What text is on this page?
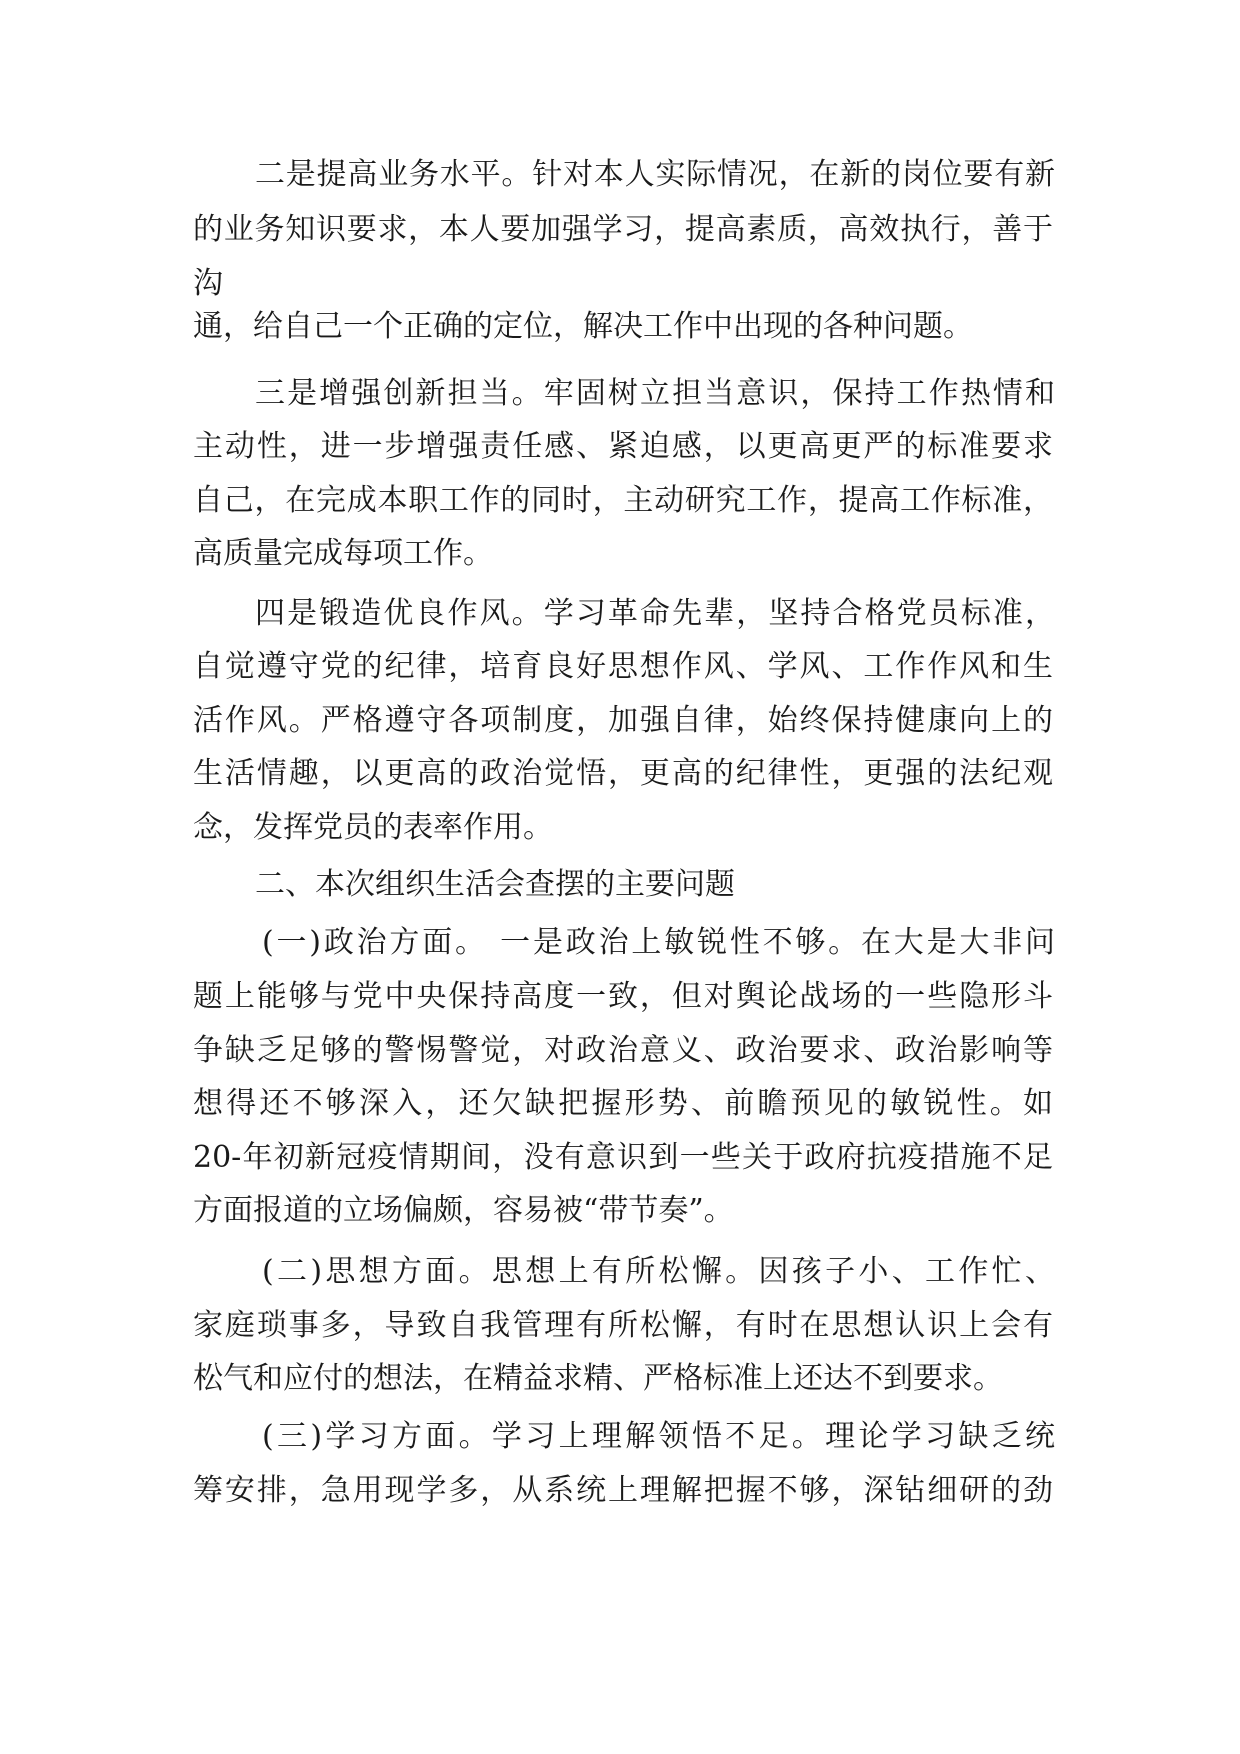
二是提高业务水平。针对本人实际情况，在新的岗位要有新
的业务知识要求，本人要加强学习，提高素质，高效执行，善于
沟
通，给自己一个正确的定位，解决工作中出现的各种问题。
三是增强创新担当。牢固树立担当意识，保持工作热情和
主动性，进一步增强责任感、紧迫感，以更高更严的标准要求
自己，在完成本职工作的同时，主动研究工作，提高工作标准，
高质量完成每项工作。
四是锻造优良作风。学习革命先辈，坚持合格党员标准，
自觉遵守党的纪律，培育良好思想作风、学风、工作作风和生
活作风。严格遵守各项制度，加强自律，始终保持健康向上的
生活情趣，以更高的政治觉悟，更高的纪律性，更强的法纪观
念，发挥党员的表率作用。
二、本次组织生活会查摆的主要问题
(一)政治方面。 一是政治上敏锐性不够。在大是大非问
题上能够与党中央保持高度一致，但对舆论战场的一些隐形斗
争缺乏足够的警惕警觉，对政治意义、政治要求、政治影响等
想得还不够深入，还欠缺把握形势、前瞻预见的敏锐性。如
20-年初新冠疫情期间，没有意识到一些关于政府抗疫措施不足
方面报道的立场偏颇，容易被“带节奏”。
(二)思想方面。思想上有所松懈。因孩子小、工作忙、
家庭琐事多，导致自我管理有所松懈，有时在思想认识上会有
松气和应付的想法，在精益求精、严格标准上还达不到要求。
(三)学习方面。学习上理解领悟不足。理论学习缺乏统
筹安排，急用现学多，从系统上理解把握不够，深钻细研的劲
